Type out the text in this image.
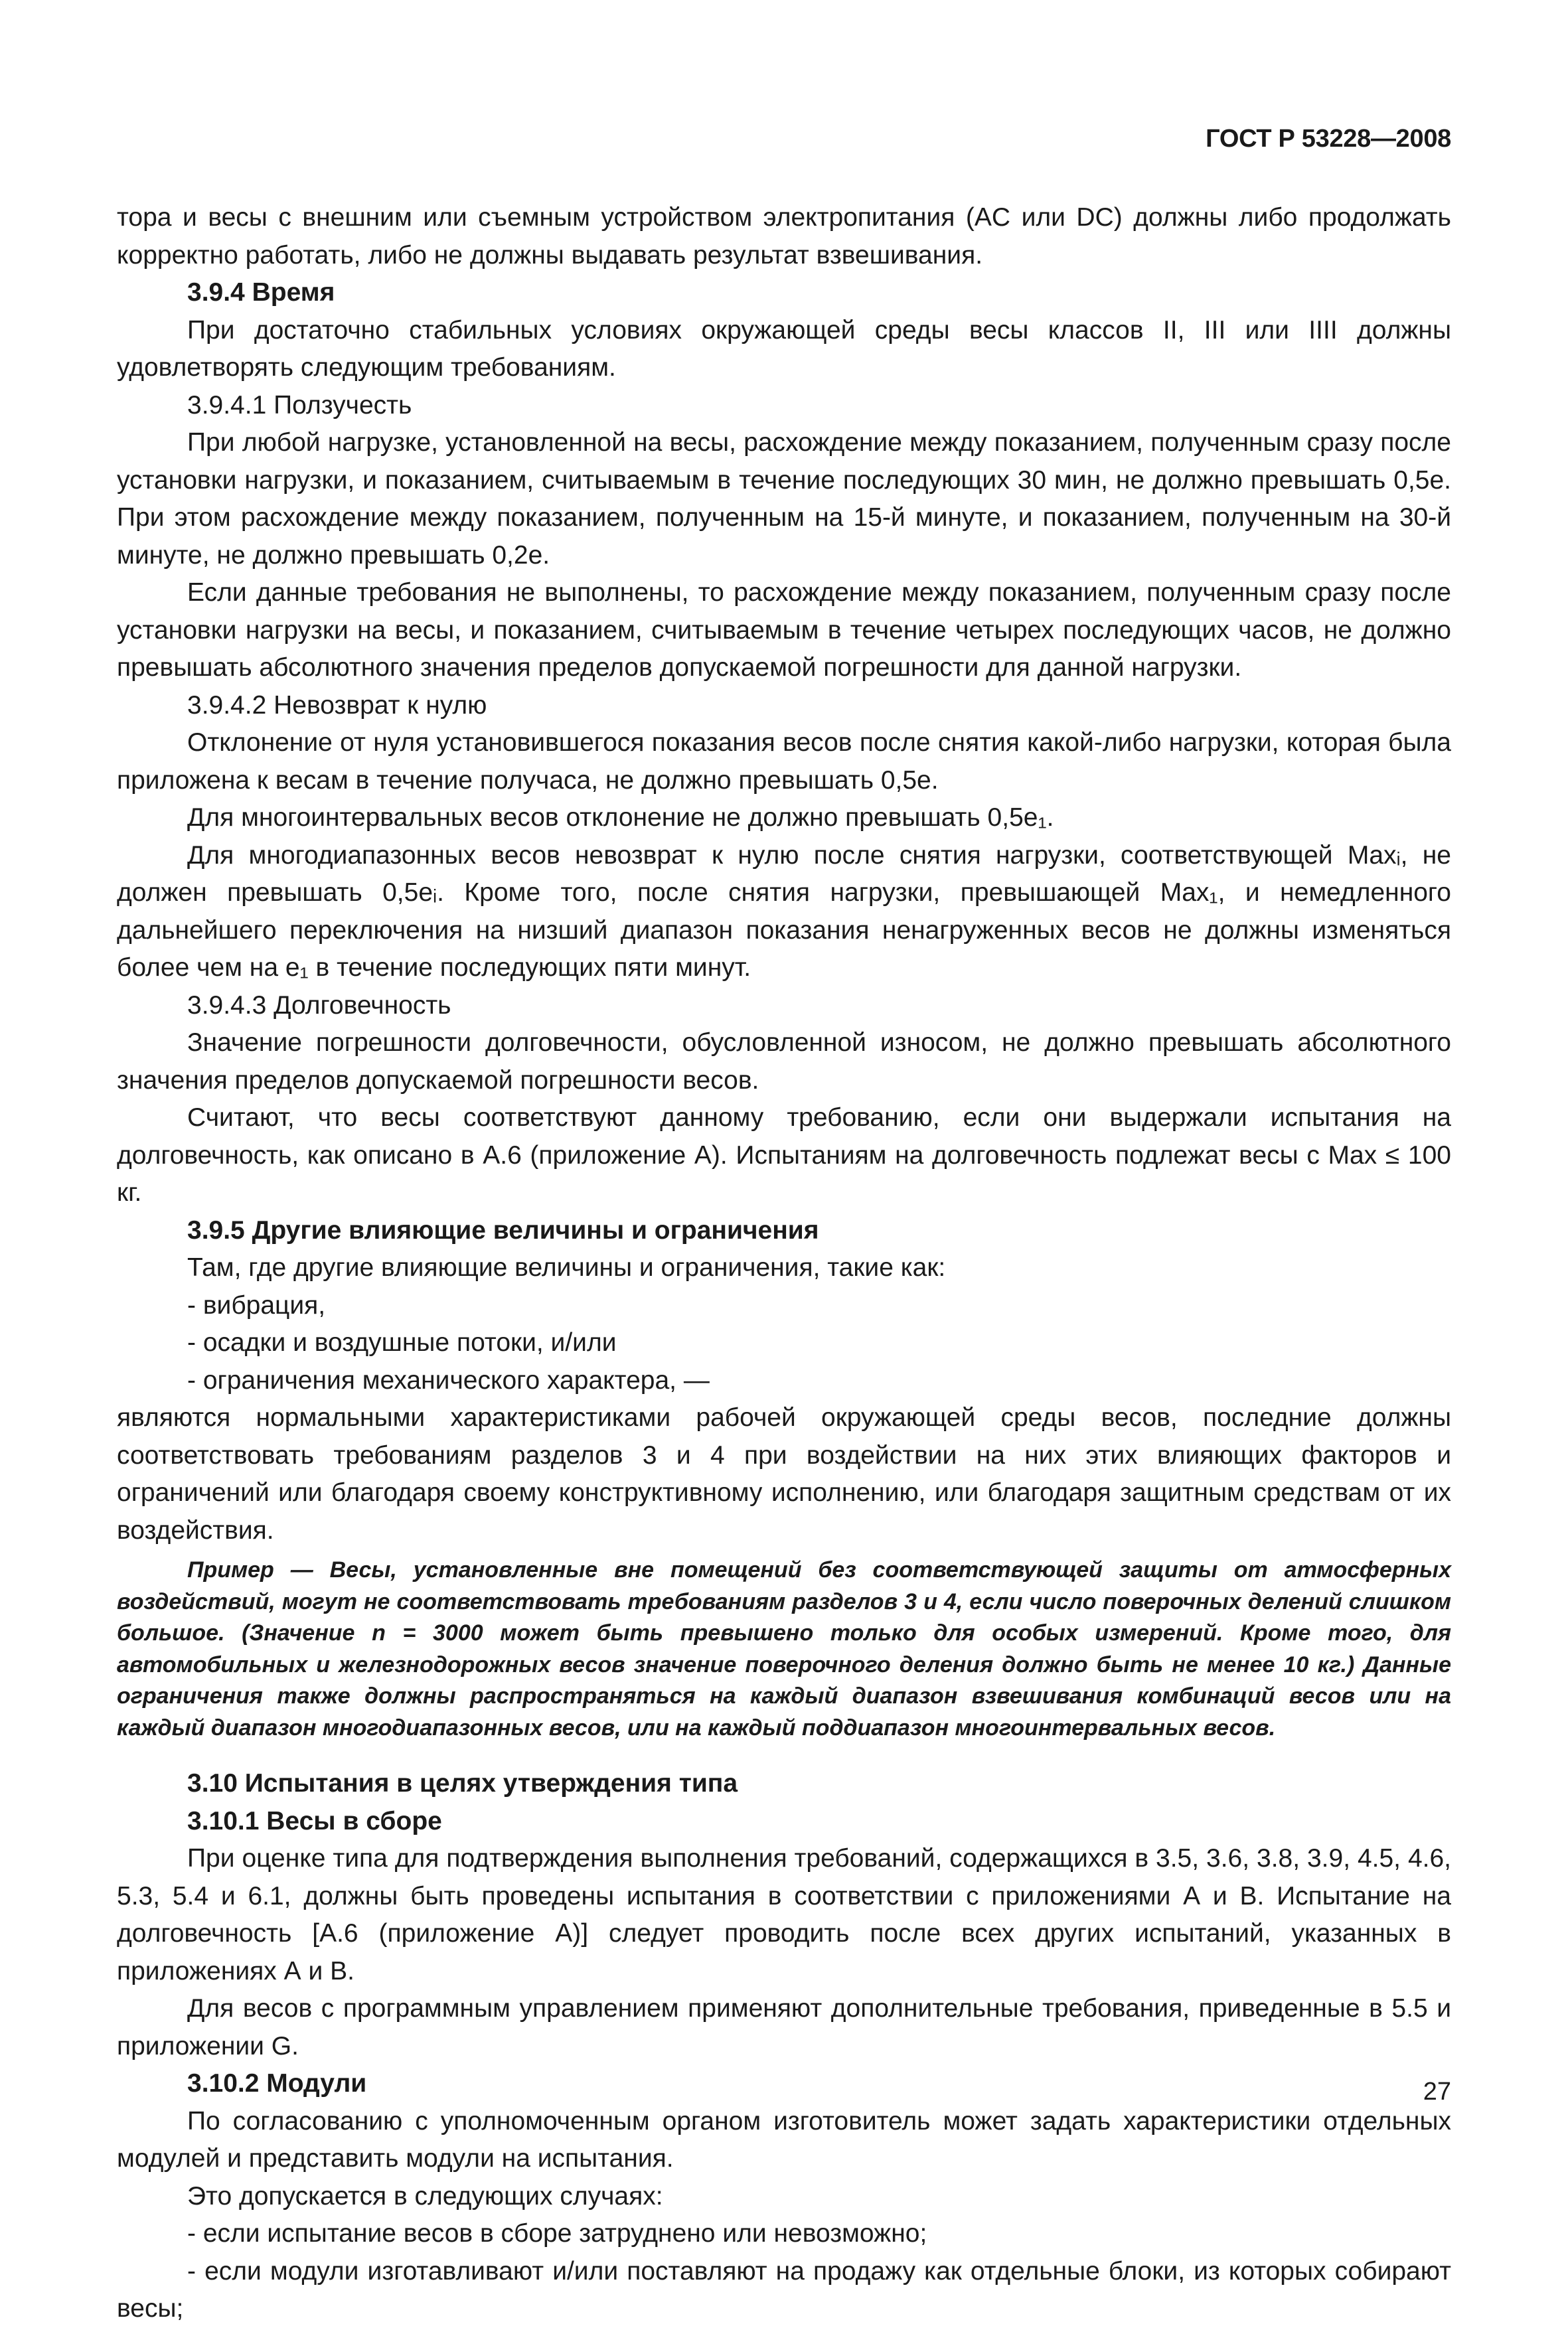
ГОСТ Р 53228—2008

тора и весы с внешним или съемным устройством электропитания (AC или DC) должны либо продолжать корректно работать, либо не должны выдавать результат взвешивания.

3.9.4 Время

При достаточно стабильных условиях окружающей среды весы классов II, III или IIII должны удовлетворять следующим требованиям.

3.9.4.1 Ползучесть

При любой нагрузке, установленной на весы, расхождение между показанием, полученным сразу после установки нагрузки, и показанием, считываемым в течение последующих 30 мин, не должно превышать 0,5e. При этом расхождение между показанием, полученным на 15-й минуте, и показанием, полученным на 30-й минуте, не должно превышать 0,2e.

Если данные требования не выполнены, то расхождение между показанием, полученным сразу после установки нагрузки на весы, и показанием, считываемым в течение четырех последующих часов, не должно превышать абсолютного значения пределов допускаемой погрешности для данной нагрузки.

3.9.4.2 Невозврат к нулю

Отклонение от нуля установившегося показания весов после снятия какой-либо нагрузки, которая была приложена к весам в течение получаса, не должно превышать 0,5e.

Для многоинтервальных весов отклонение не должно превышать 0,5e₁.

Для многодиапазонных весов невозврат к нулю после снятия нагрузки, соответствующей Maxᵢ, не должен превышать 0,5eᵢ. Кроме того, после снятия нагрузки, превышающей Max₁, и немедленного дальнейшего переключения на низший диапазон показания ненагруженных весов не должны изменяться более чем на e₁ в течение последующих пяти минут.

3.9.4.3 Долговечность

Значение погрешности долговечности, обусловленной износом, не должно превышать абсолютного значения пределов допускаемой погрешности весов.

Считают, что весы соответствуют данному требованию, если они выдержали испытания на долговечность, как описано в А.6 (приложение А). Испытаниям на долговечность подлежат весы с Max ≤ 100 кг.

3.9.5 Другие влияющие величины и ограничения

Там, где другие влияющие величины и ограничения, такие как:

- вибрация,

- осадки и воздушные потоки, и/или

- ограничения механического характера, —

являются нормальными характеристиками рабочей окружающей среды весов, последние должны соответствовать требованиям разделов 3 и 4 при воздействии на них этих влияющих факторов и ограничений или благодаря своему конструктивному исполнению, или благодаря защитным средствам от их воздействия.

Пример — Весы, установленные вне помещений без соответствующей защиты от атмосферных воздействий, могут не соответствовать требованиям разделов 3 и 4, если число поверочных делений слишком большое. (Значение n = 3000 может быть превышено только для особых измерений. Кроме того, для автомобильных и железнодорожных весов значение поверочного деления должно быть не менее 10 кг.) Данные ограничения также должны распространяться на каждый диапазон взвешивания комбинаций весов или на каждый диапазон многодиапазонных весов, или на каждый поддиапазон многоинтервальных весов.

3.10 Испытания в целях утверждения типа

3.10.1 Весы в сборе

При оценке типа для подтверждения выполнения требований, содержащихся в 3.5, 3.6, 3.8, 3.9, 4.5, 4.6, 5.3, 5.4 и 6.1, должны быть проведены испытания в соответствии с приложениями А и В. Испытание на долговечность [А.6 (приложение А)] следует проводить после всех других испытаний, указанных в приложениях А и В.

Для весов с программным управлением применяют дополнительные требования, приведенные в 5.5 и приложении G.

3.10.2 Модули

По согласованию с уполномоченным органом изготовитель может задать характеристики отдельных модулей и представить модули на испытания.

Это допускается в следующих случаях:

- если испытание весов в сборе затруднено или невозможно;

- если модули изготавливают и/или поставляют на продажу как отдельные блоки, из которых собирают весы;

27
